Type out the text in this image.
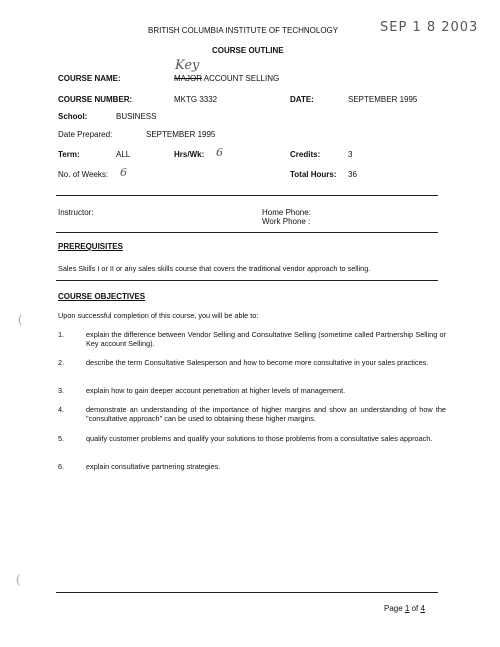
BRITISH COLUMBIA INSTITUTE OF TECHNOLOGY	SEP 1 8 2003
COURSE OUTLINE
Key
COURSE NAME:	MAJOR ACCOUNT SELLING
COURSE NUMBER:	MKTG 3332	DATE:	SEPTEMBER 1995
School:	BUSINESS
Date Prepared:	SEPTEMBER 1995
Term:	ALL	Hrs/Wk: 6	Credits:	3
No. of Weeks: 6	Total Hours: 36
Instructor:	Home Phone:
Work Phone :
PREREQUISITES
Sales Skills I or II or any sales skills course that covers the traditional vendor approach to selling.
COURSE OBJECTIVES
Upon successful completion of this course, you will be able to:
1.	explain the difference between Vendor Selling and Consultative Selling (sometime called Partnership Selling or Key account Selling).
2.	describe the term Consultative Salesperson and how to become more consultative in your sales practices.
3.	explain how to gain deeper account penetration at higher levels of management.
4.	demonstrate an understanding of the importance of higher margins and show an understanding of how the "consultative approach" can be used to obtaining these higher margins.
5.	qualify customer problems and qualify your solutions to those problems from a consultative sales approach.
6.	explain consultative partnering strategies.
(
(
Page 1 of 4
